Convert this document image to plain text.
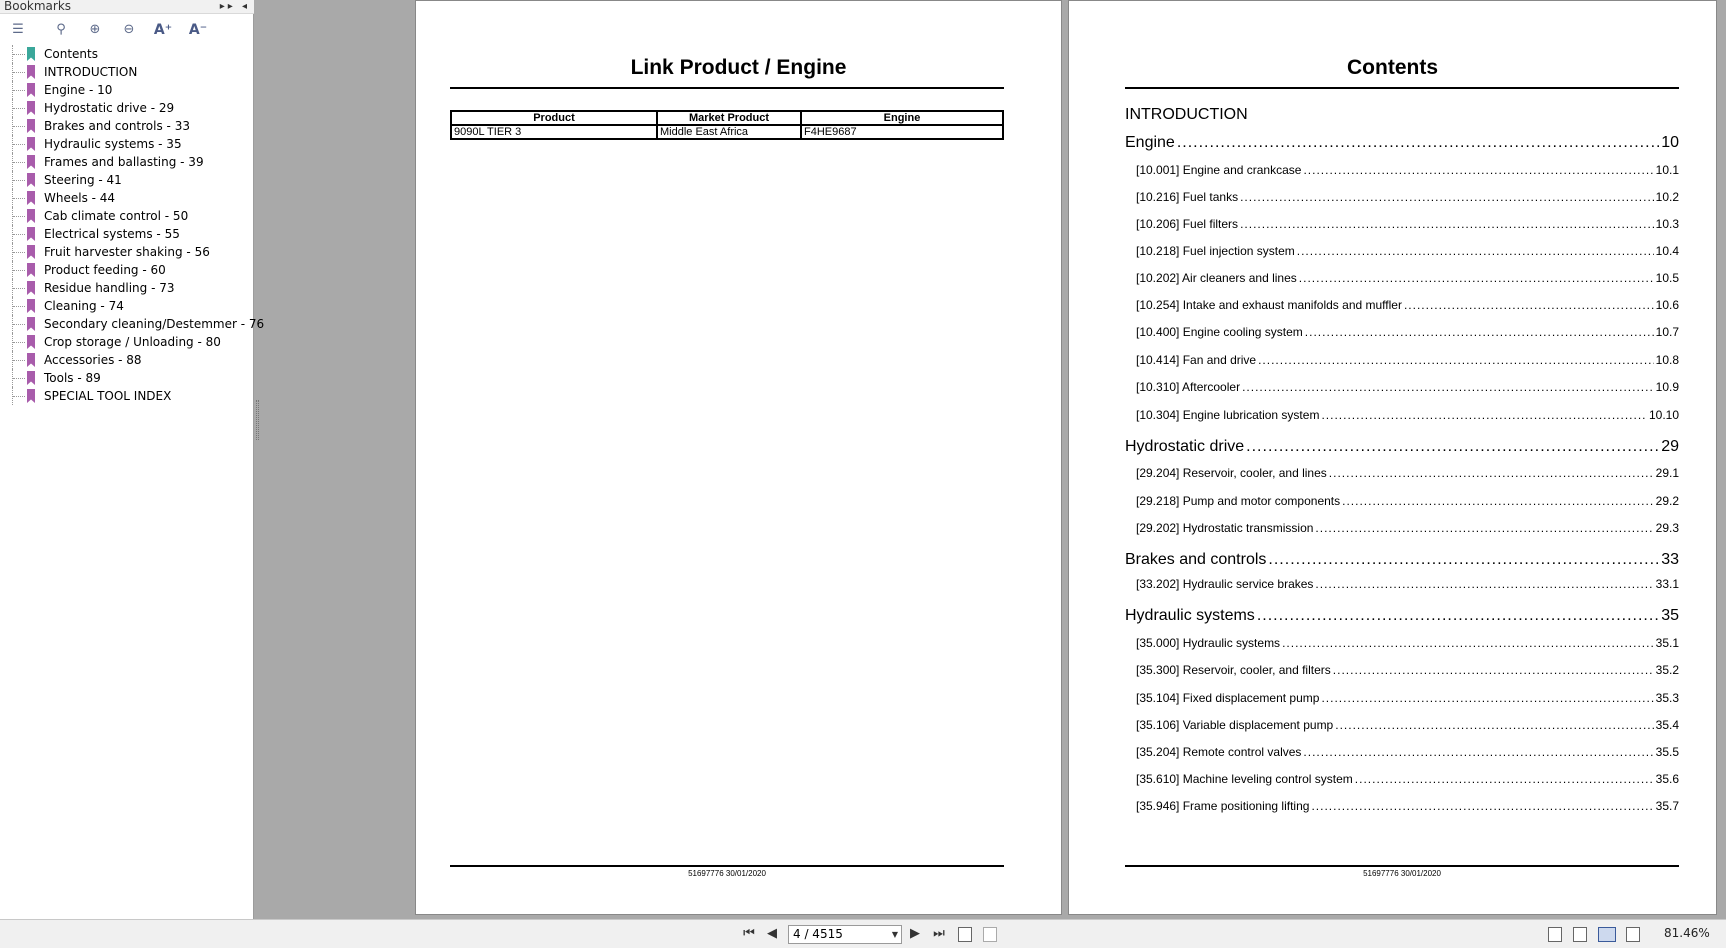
Bookmarks	▸▸ ◂
☰	⚲	⊕	⊖	A⁺ A⁻
Contents
INTRODUCTION
Engine - 10
Hydrostatic drive - 29
Brakes and controls - 33
Hydraulic systems - 35
Frames and ballasting - 39
Steering - 41
Wheels - 44
Cab climate control - 50
Electrical systems - 55
Fruit harvester shaking - 56
Product feeding - 60
Residue handling - 73
Cleaning - 74
Secondary cleaning/Destemmer - 76
Crop storage / Unloading - 80
Accessories - 88
Tools - 89
SPECIAL TOOL INDEX
Link Product / Engine
Product	Market Product	Engine
9090L TIER 3	Middle East Africa	F4HE9687
51697776 30/01/2020
Contents
INTRODUCTION
Engine .....	10
[10.001] Engine and crankcase .....	10.1
[10.216] Fuel tanks .....	10.2
[10.206] Fuel filters .....	10.3
[10.218] Fuel injection system .....	10.4
[10.202] Air cleaners and lines .....	10.5
[10.254] Intake and exhaust manifolds and muffler .....	10.6
[10.400] Engine cooling system .....	10.7
[10.414] Fan and drive .....	10.8
[10.310] Aftercooler .....	10.9
[10.304] Engine lubrication system .....	10.10
Hydrostatic drive .....	29
[29.204] Reservoir, cooler, and lines .....	29.1
[29.218] Pump and motor components .....	29.2
[29.202] Hydrostatic transmission .....	29.3
Brakes and controls .....	33
[33.202] Hydraulic service brakes .....	33.1
Hydraulic systems .....	35
[35.000] Hydraulic systems .....	35.1
[35.300] Reservoir, cooler, and filters .....	35.2
[35.104] Fixed displacement pump .....	35.3
[35.106] Variable displacement pump .....	35.4
[35.204] Remote control valves .....	35.5
[35.610] Machine leveling control system .....	35.6
[35.946] Frame positioning lifting .....	35.7
51697776 30/01/2020
⏮ ◀	4 / 4515	▼ ▶	⏭	81.46%
